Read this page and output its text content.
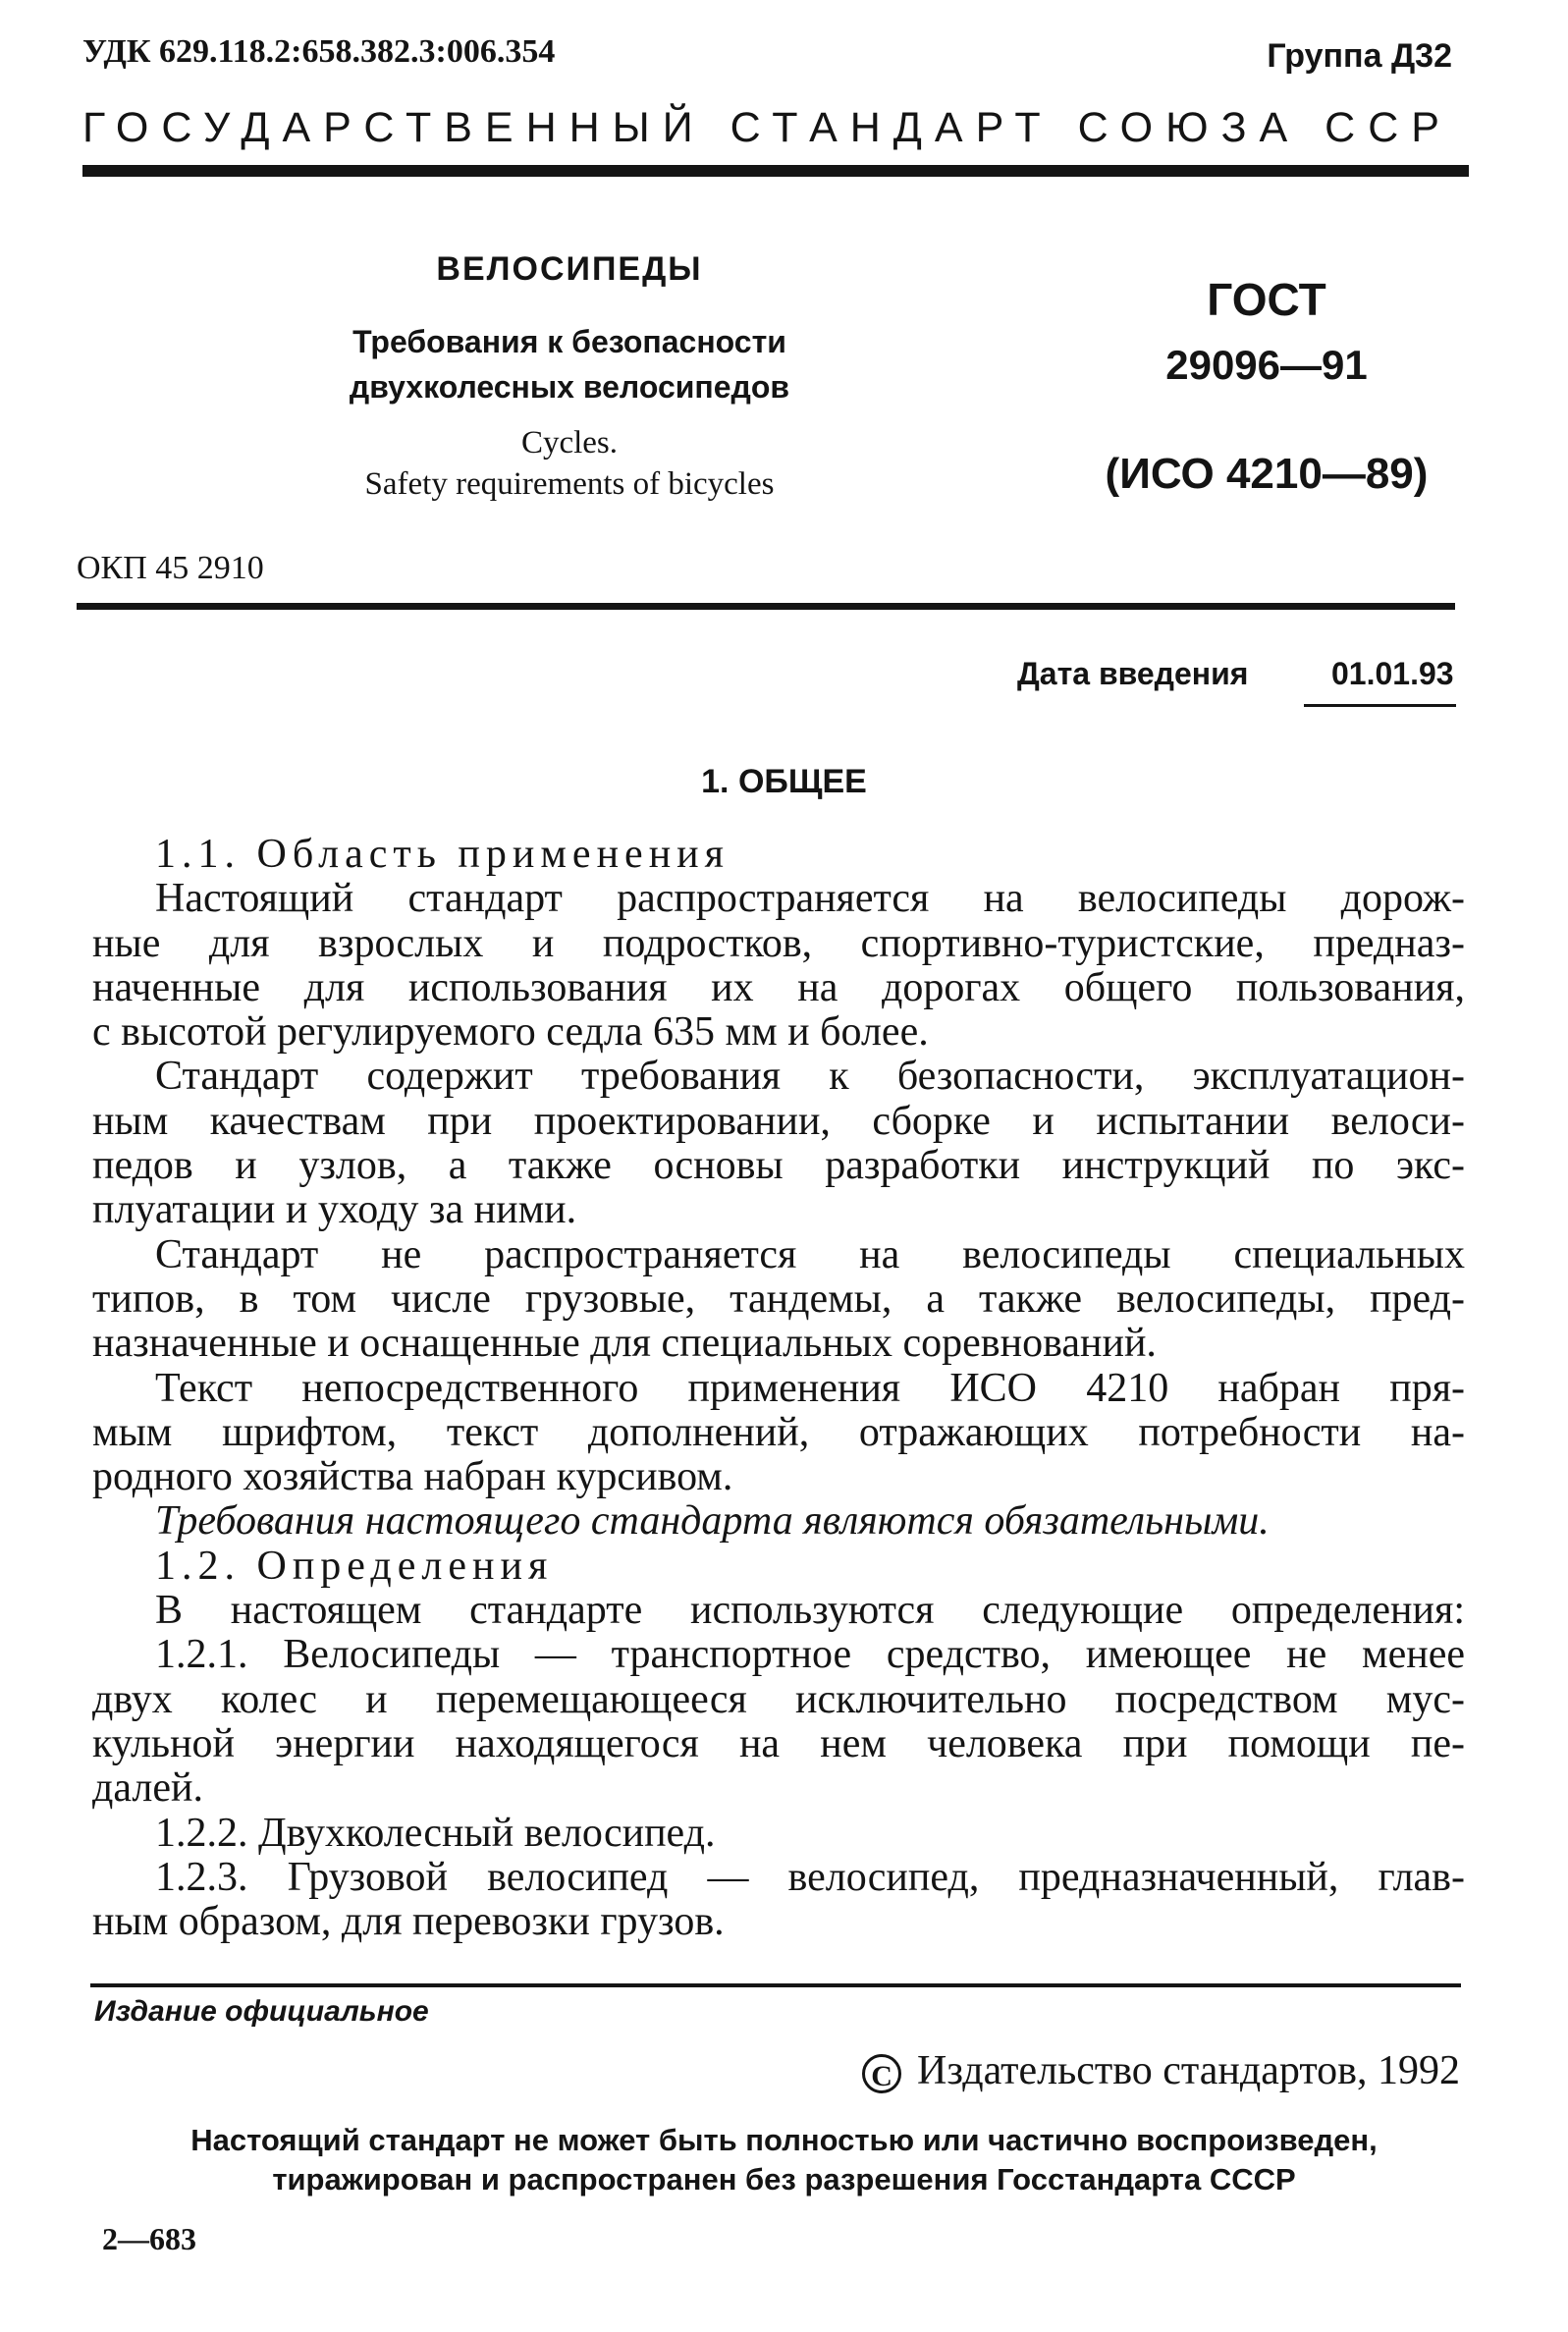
УДК 629.118.2:658.382.3:006.354	Группа Д32
ГОСУДАРСТВЕННЫЙ СТАНДАРТ СОЮЗА ССР
ВЕЛОСИПЕДЫ
Требования к безопасности
двухколесных велосипедов
Cycles.
Safety requirements of bicycles
ГОСТ
29096—91
(ИСО 4210—89)
ОКП 45 2910
Дата введения	01.01.93
1. ОБЩЕЕ

1.1. Область применения

Настоящий стандарт распространяется на велосипеды дорож-

ные для взрослых и подростков, спортивно-туристские, предназ-

наченные для использования их на дорогах общего пользования,

с высотой регулируемого седла 635 мм и более.

Стандарт содержит требования к безопасности, эксплуатацион-

ным качествам при проектировании, сборке и испытании велоси-

педов и узлов, а также основы разработки инструкций по экс-

плуатации и уходу за ними.

Стандарт не распространяется на велосипеды специальных

типов, в том числе грузовые, тандемы, а также велосипеды, пред-

назначенные и оснащенные для специальных соревнований.

Текст непосредственного применения ИСО 4210 набран пря-

мым шрифтом, текст дополнений, отражающих потребности на-

родного хозяйства набран курсивом.

Требования настоящего стандарта являются обязательными.

1.2. Определения

В настоящем стандарте используются следующие определения:

1.2.1. Велосипеды — транспортное средство, имеющее не менее

двух колес и перемещающееся исключительно посредством мус-

кульной энергии находящегося на нем человека при помощи пе-

далей.

1.2.2. Двухколесный велосипед.

1.2.3. Грузовой велосипед — велосипед, предназначенный, глав-

ным образом, для перевозки грузов.

Издание официальное
C Издательство стандартов, 1992
Настоящий стандарт не может быть полностью или частично воспроизведен,
тиражирован и распространен без разрешения Госстандарта СССР
2—683
